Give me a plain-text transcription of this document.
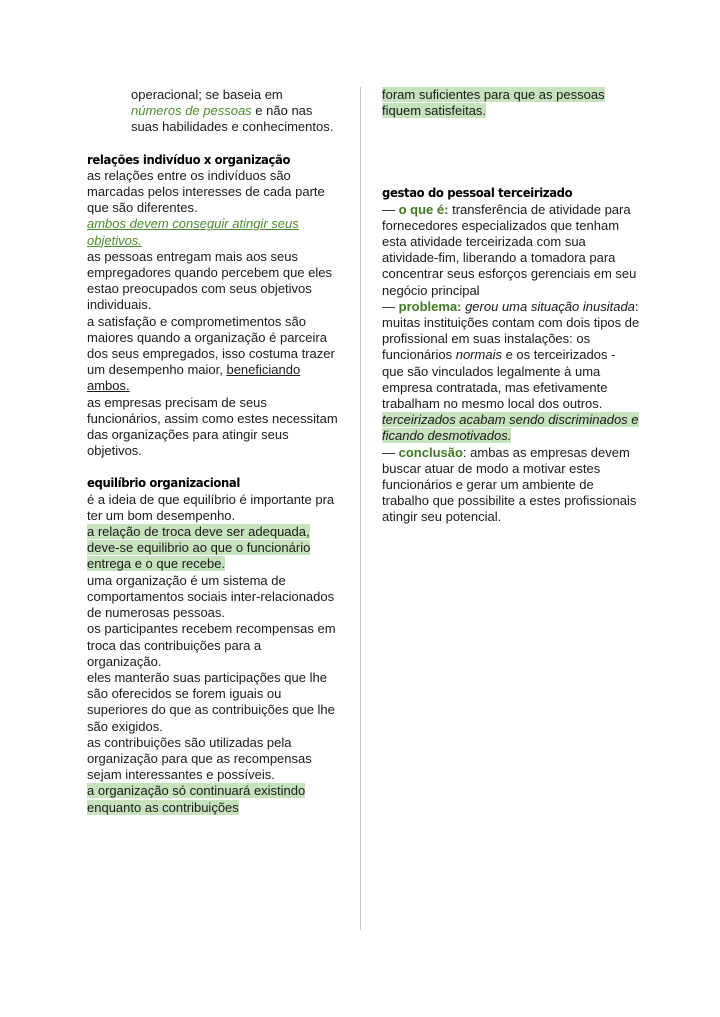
operacional; se baseia em
números de pessoas e não nas suas habilidades e conhecimentos.

relações indivíduo x organização

as relações entre os indivíduos são marcadas pelos interesses de cada parte que são diferentes.

ambos devem conseguir atingir seus objetivos.

as pessoas entregam mais aos seus empregadores quando percebem que eles estao preocupados com seus objetivos individuais.

a satisfação e comprometimentos são maiores quando a organização é parceira dos seus empregados, isso costuma trazer um desempenho maior, beneficiando ambos.

as empresas precisam de seus funcionários, assim como estes necessitam das organizações para atingir seus objetivos.

equilíbrio organizacional

é a ideia de que equilíbrio é importante pra ter um bom desempenho.

a relação de troca deve ser adequada, deve-se equilibrio ao que o funcionário entrega e o que recebe.

uma organização é um sistema de comportamentos sociais inter-relacionados de numerosas pessoas.

os participantes recebem recompensas em troca das contribuições para a organização.

eles manterão suas participações que lhe são oferecidos se forem iguais ou superiores do que as contribuições que lhe são exigidos.

as contribuições são utilizadas pela organização para que as recompensas sejam interessantes e possíveis.

a organização só continuará existindo enquanto as contribuições

foram suficientes para que as pessoas fiquem satisfeitas.

gestao do pessoal terceirizado

— o que é: transferência de atividade para fornecedores especializados que tenham esta atividade terceirizada com sua atividade-fim, liberando a tomadora para concentrar seus esforços gerenciais em seu negócio principal

— problema: gerou uma situação inusitada: muitas instituições contam com dois tipos de profissional em suas instalações: os funcionários normais e os terceirizados - que são vinculados legalmente à uma empresa contratada, mas efetivamente trabalham no mesmo local dos outros.

terceirizados acabam sendo discriminados e ficando desmotivados.

— conclusão: ambas as empresas devem buscar atuar de modo a motivar estes funcionários e gerar um ambiente de trabalho que possibilite a estes profissionais atingir seu potencial.
